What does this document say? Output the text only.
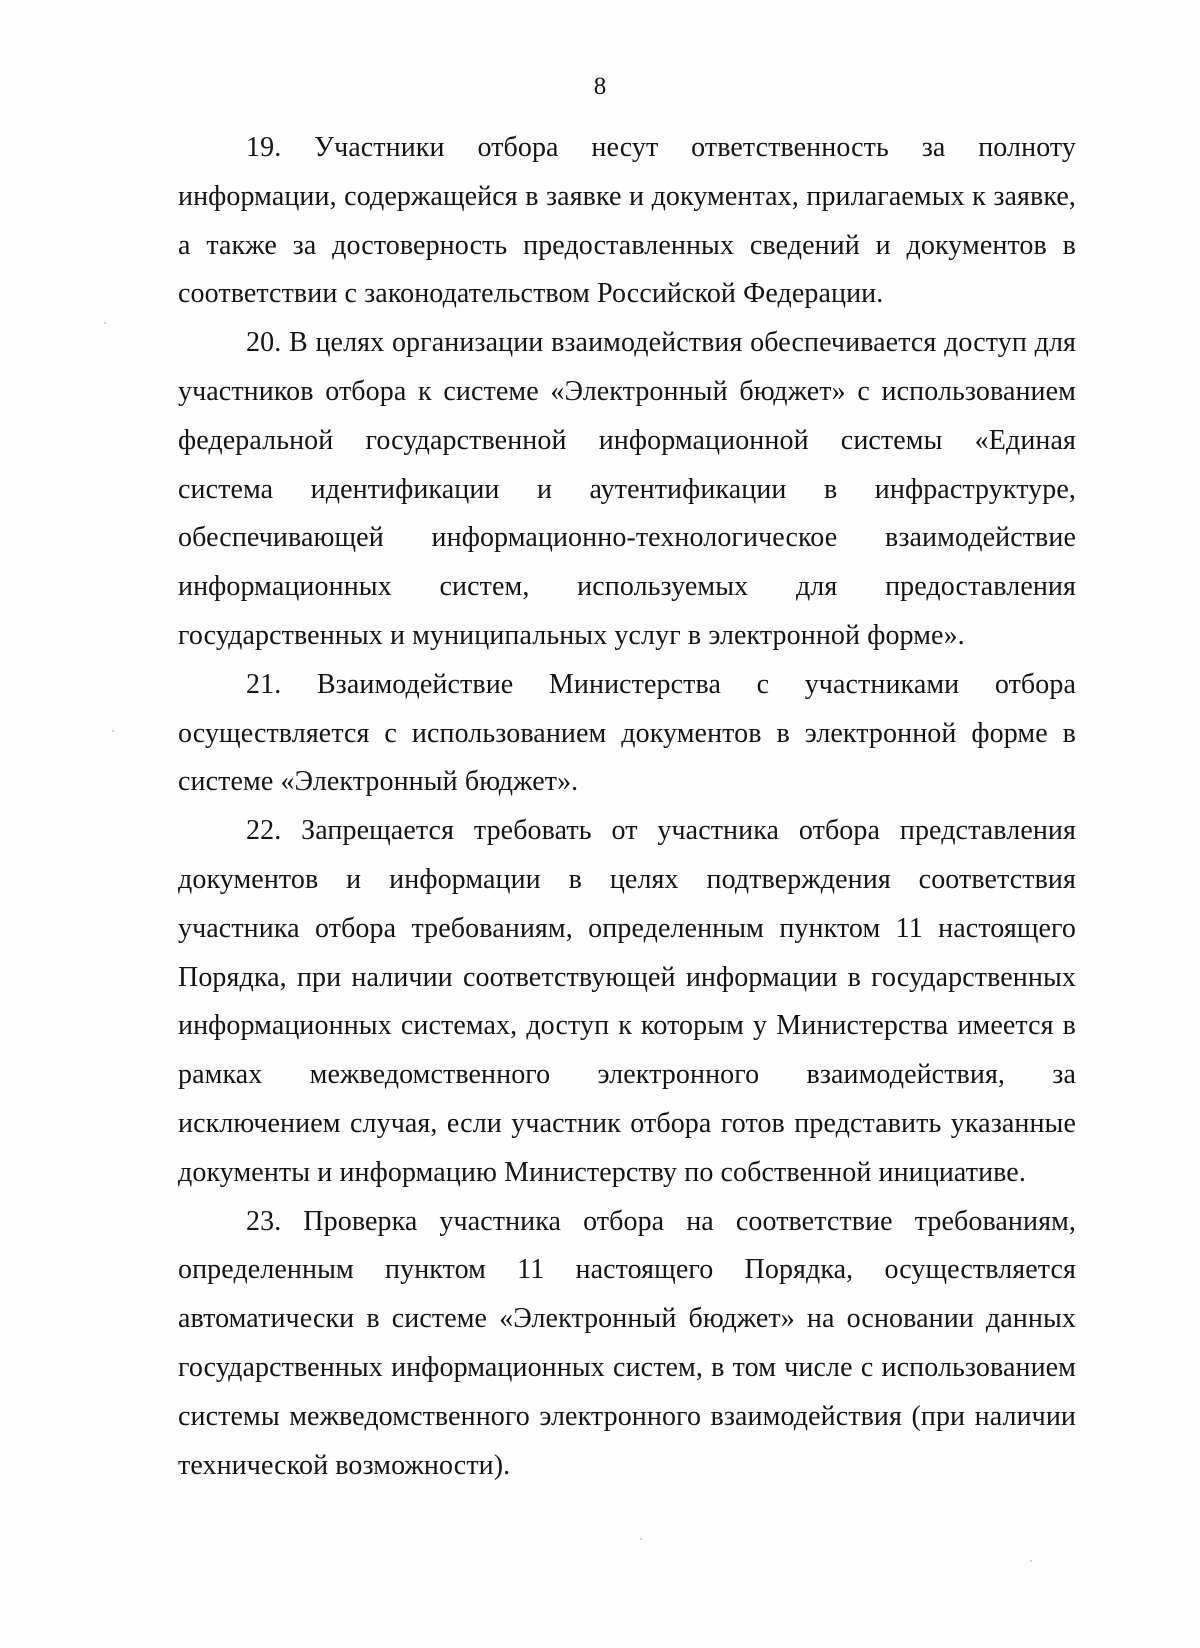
8

19. Участники отбора несут ответственность за полноту информации, содержащейся в заявке и документах, прилагаемых к заявке, а также за достоверность предоставленных сведений и документов в соответствии с законодательством Российской Федерации.

20. В целях организации взаимодействия обеспечивается доступ для участников отбора к системе «Электронный бюджет» с использованием федеральной государственной информационной системы «Единая система идентификации и аутентификации в инфраструктуре, обеспечивающей информационно-технологическое взаимодействие информационных систем, используемых для предоставления государственных и муниципальных услуг в электронной форме».

21. Взаимодействие Министерства с участниками отбора осуществляется с использованием документов в электронной форме в системе «Электронный бюджет».

22. Запрещается требовать от участника отбора представления документов и информации в целях подтверждения соответствия участника отбора требованиям, определенным пунктом 11 настоящего Порядка, при наличии соответствующей информации в государственных информационных системах, доступ к которым у Министерства имеется в рамках межведомственного электронного взаимодействия, за исключением случая, если участник отбора готов представить указанные документы и информацию Министерству по собственной инициативе.

23. Проверка участника отбора на соответствие требованиям, определенным пунктом 11 настоящего Порядка, осуществляется автоматически в системе «Электронный бюджет» на основании данных государственных информационных систем, в том числе с использованием системы межведомственного электронного взаимодействия (при наличии технической возможности).
